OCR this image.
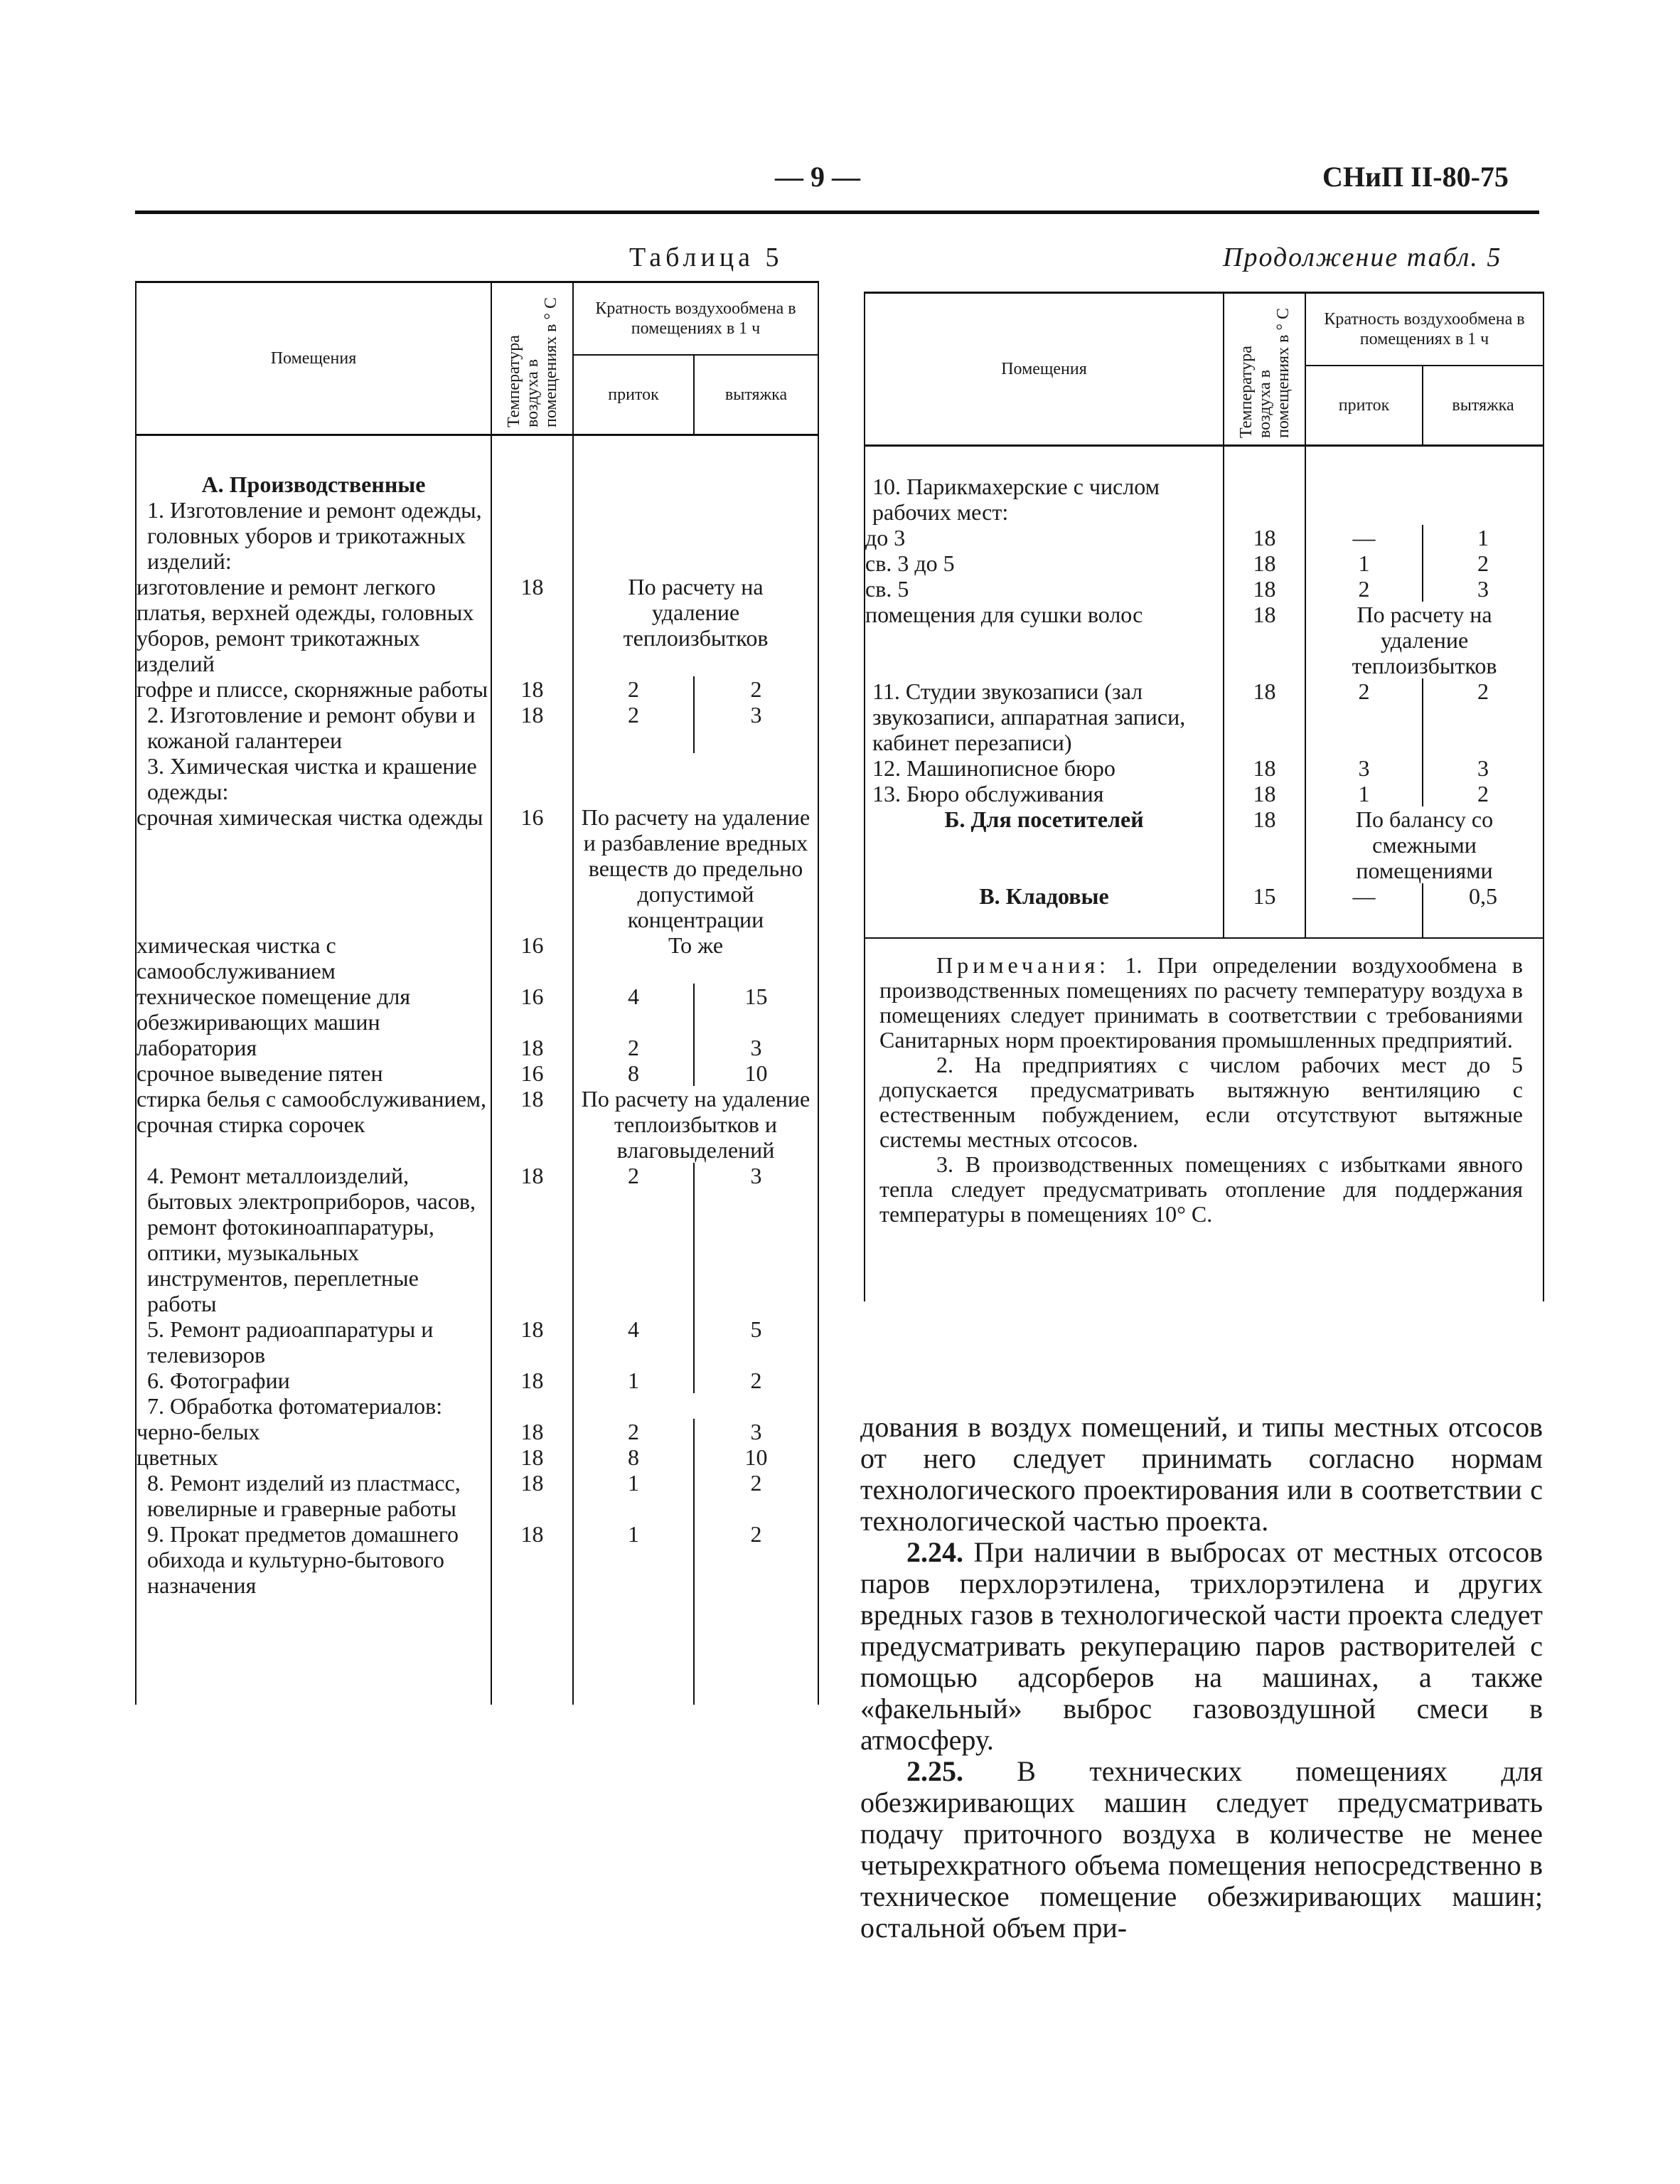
— 9 —	СНиП II-80-75
Таблица 5
Помещения	Температура воздуха в помещениях в ° С	Кратность воздухообмена в помещениях в 1 ч	
		приток	вытяжка
А. Производственные			
1. Изготовление и ремонт одежды, головных уборов и трикотажных изделий:			
изготовление и ремонт легкого платья, верхней одежды, головных уборов, ремонт трикотажных изделий	18	По расчету на удаление теплоизбытков	
гофре и плиссе, скорняжные работы	18	2	2
2. Изготовление и ремонт обуви и кожаной галантереи	18	2	3
3. Химическая чистка и крашение одежды:			
срочная химическая чистка одежды	16	По расчету на удаление и разбавление вредных веществ до предельно допустимой концентрации	
химическая чистка с самообслуживанием	16	То же	
техническое помещение для обезжиривающих машин	16	4	15
лаборатория	18	2	3
срочное выведение пятен	16	8	10
стирка белья с самообслуживанием, срочная стирка сорочек	18	По расчету на удаление теплоизбытков и влаговыделений	
4. Ремонт металлоизделий, бытовых электроприборов, часов, ремонт фотокиноаппаратуры, оптики, музыкальных инструментов, переплетные работы	18	2	3
5. Ремонт радиоаппаратуры и телевизоров	18	4	5
6. Фотографии	18	1	2
7. Обработка фотоматериалов:			
черно-белых	18	2	3
цветных	18	8	10
8. Ремонт изделий из пластмасс, ювелирные и граверные работы	18	1	2
9. Прокат предметов домашнего обихода и культурно-бытового назначения	18	1	2
Продолжение табл. 5
Помещения	Температура воздуха в помещениях в ° С	Кратность воздухообмена в помещениях в 1 ч	
		приток	вытяжка
10. Парикмахерские с числом рабочих мест:			
до 3	18	—	1
св. 3 до 5	18	1	2
св. 5	18	2	3
помещения для сушки волос	18	По расчету на удаление теплоизбытков	
11. Студии звукозаписи (зал звукозаписи, аппаратная записи, кабинет перезаписи)	18	2	2
12. Машинописное бюро	18	3	3
13. Бюро обслуживания	18	1	2
Б. Для посетителей	18	По балансу со смежными помещениями	
В. Кладовые	15	—	0,5

Примечания: 1. При определении воздухообмена в производственных помещениях по расчету температуру воздуха в помещениях следует принимать в соответствии с требованиями Санитарных норм проектирования промышленных предприятий.
2. На предприятиях с числом рабочих мест до 5 допускается предусматривать вытяжную вентиляцию с естественным побуждением, если отсутствуют вытяжные системы местных отсосов.
3. В производственных помещениях с избытками явного тепла следует предусматривать отопление для поддержания температуры в помещениях 10° С.			

дования в воздух помещений, и типы местных отсосов от него следует принимать согласно нормам технологического проектирования или в соответствии с технологической частью проекта.

2.24. При наличии в выбросах от местных отсосов паров перхлорэтилена, трихлорэтилена и других вредных газов в технологической части проекта следует предусматривать рекуперацию паров растворителей с помощью адсорберов на машинах, а также «факельный» выброс газовоздушной смеси в атмосферу.

2.25. В технических помещениях для обезжиривающих машин следует предусматривать подачу приточного воздуха в количестве не менее четырехкратного объема помещения непосредственно в техническое помещение обезжиривающих машин; остальной объем при-
